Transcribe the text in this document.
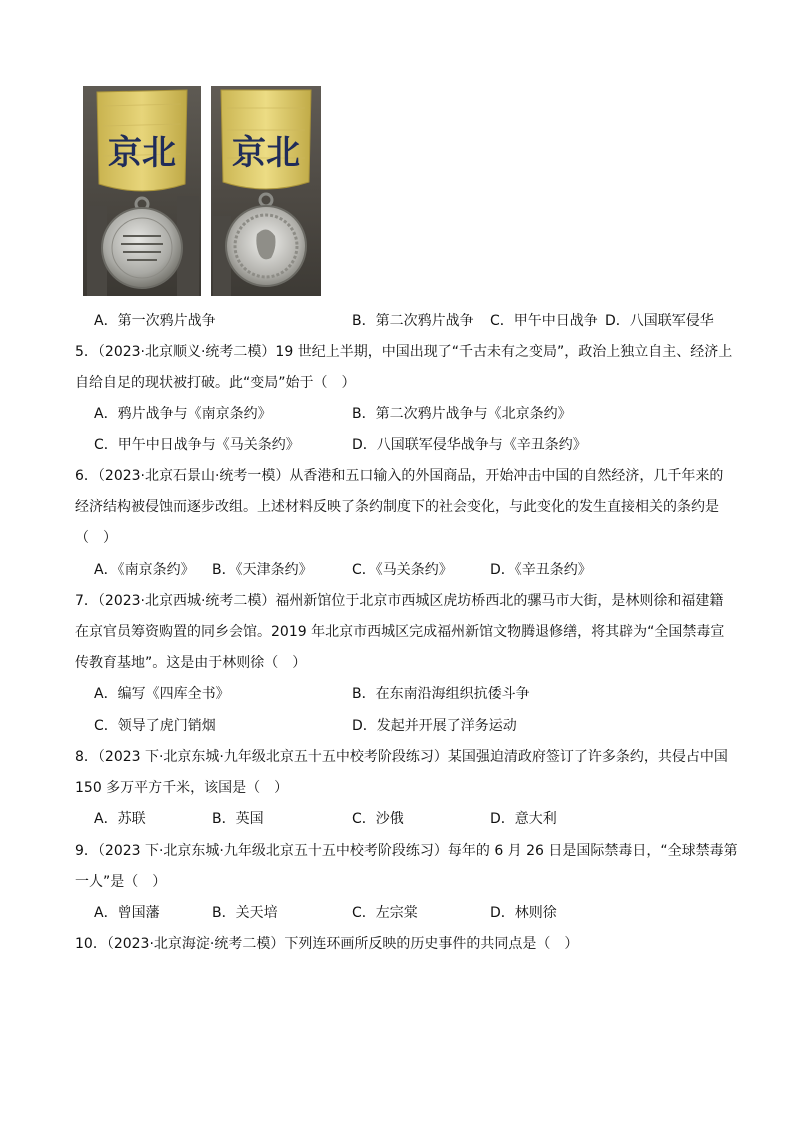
京北 京北
A．第一次鸦片战争	B．第二次鸦片战争 C．甲午中日战争 D．八国联军侵华
5．（2023·北京顺义·统考二模）19 世纪上半期，中国出现了“千古未有之变局”，政治上独立自主、经济上
自给自足的现状被打破。此“变局”始于（　）
A．鸦片战争与《南京条约》	B．第二次鸦片战争与《北京条约》
C．甲午中日战争与《马关条约》	D．八国联军侵华战争与《辛丑条约》
6．（2023·北京石景山·统考一模）从香港和五口输入的外国商品，开始冲击中国的自然经济，几千年来的
经济结构被侵蚀而逐步改组。上述材料反映了条约制度下的社会变化，与此变化的发生直接相关的条约是
（　）
A．《南京条约》 B．《天津条约》	C．《马关条约》	D．《辛丑条约》
7．（2023·北京西城·统考二模）福州新馆位于北京市西城区虎坊桥西北的骡马市大街，是林则徐和福建籍
在京官员筹资购置的同乡会馆。2019 年北京市西城区完成福州新馆文物腾退修缮，将其辟为“全国禁毒宣
传教育基地”。这是由于林则徐（　）
A．编写《四库全书》	B．在东南沿海组织抗倭斗争
C．领导了虎门销烟	D．发起并开展了洋务运动
8．（2023 下·北京东城·九年级北京五十五中校考阶段练习）某国强迫清政府签订了许多条约，共侵占中国
150 多万平方千米，该国是（　）
A．苏联	B．英国	C．沙俄	D．意大利
9．（2023 下·北京东城·九年级北京五十五中校考阶段练习）每年的 6 月 26 日是国际禁毒日，“全球禁毒第
一人”是（　）
A．曾国藩	B．关天培	C．左宗棠	D．林则徐
10．（2023·北京海淀·统考二模）下列连环画所反映的历史事件的共同点是（　）
